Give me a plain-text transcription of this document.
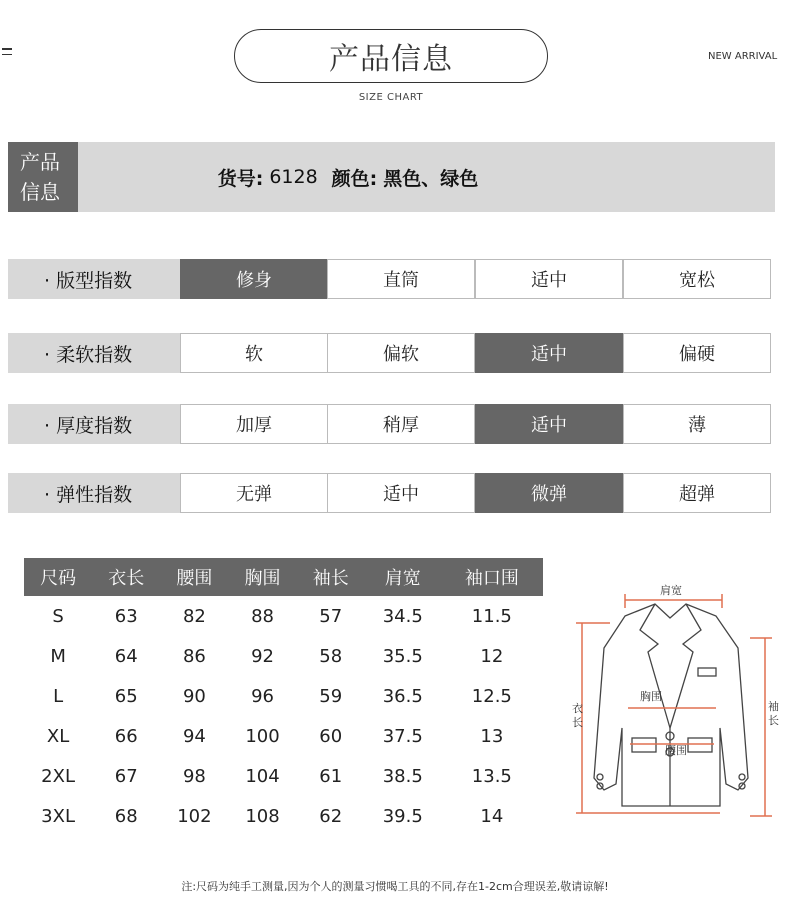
产品信息
SIZE CHART
NEW ARRIVAL
产品
信息
货号: 6128 颜色: 黑色、绿色
· 版型指数	修身	直筒	适中	宽松
· 柔软指数	软	偏软	适中	偏硬
· 厚度指数	加厚	稍厚	适中	薄
· 弹性指数	无弹	适中	微弹	超弹
尺码	衣长	腰围	胸围	袖长	肩宽	袖口围
S	63	82	88	57	34.5	11.5
M	64	86	92	58	35.5	12
L	65	90	96	59	36.5	12.5
XL	66	94	100	60	37.5	13
2XL	67	98	104	61	38.5	13.5
3XL	68	102	108	62	39.5	14
肩宽
胸围
腰围
衣
长
袖
长
注:尺码为纯手工测量,因为个人的测量习惯喝工具的不同,存在1-2cm合理误差,敬请谅解!
